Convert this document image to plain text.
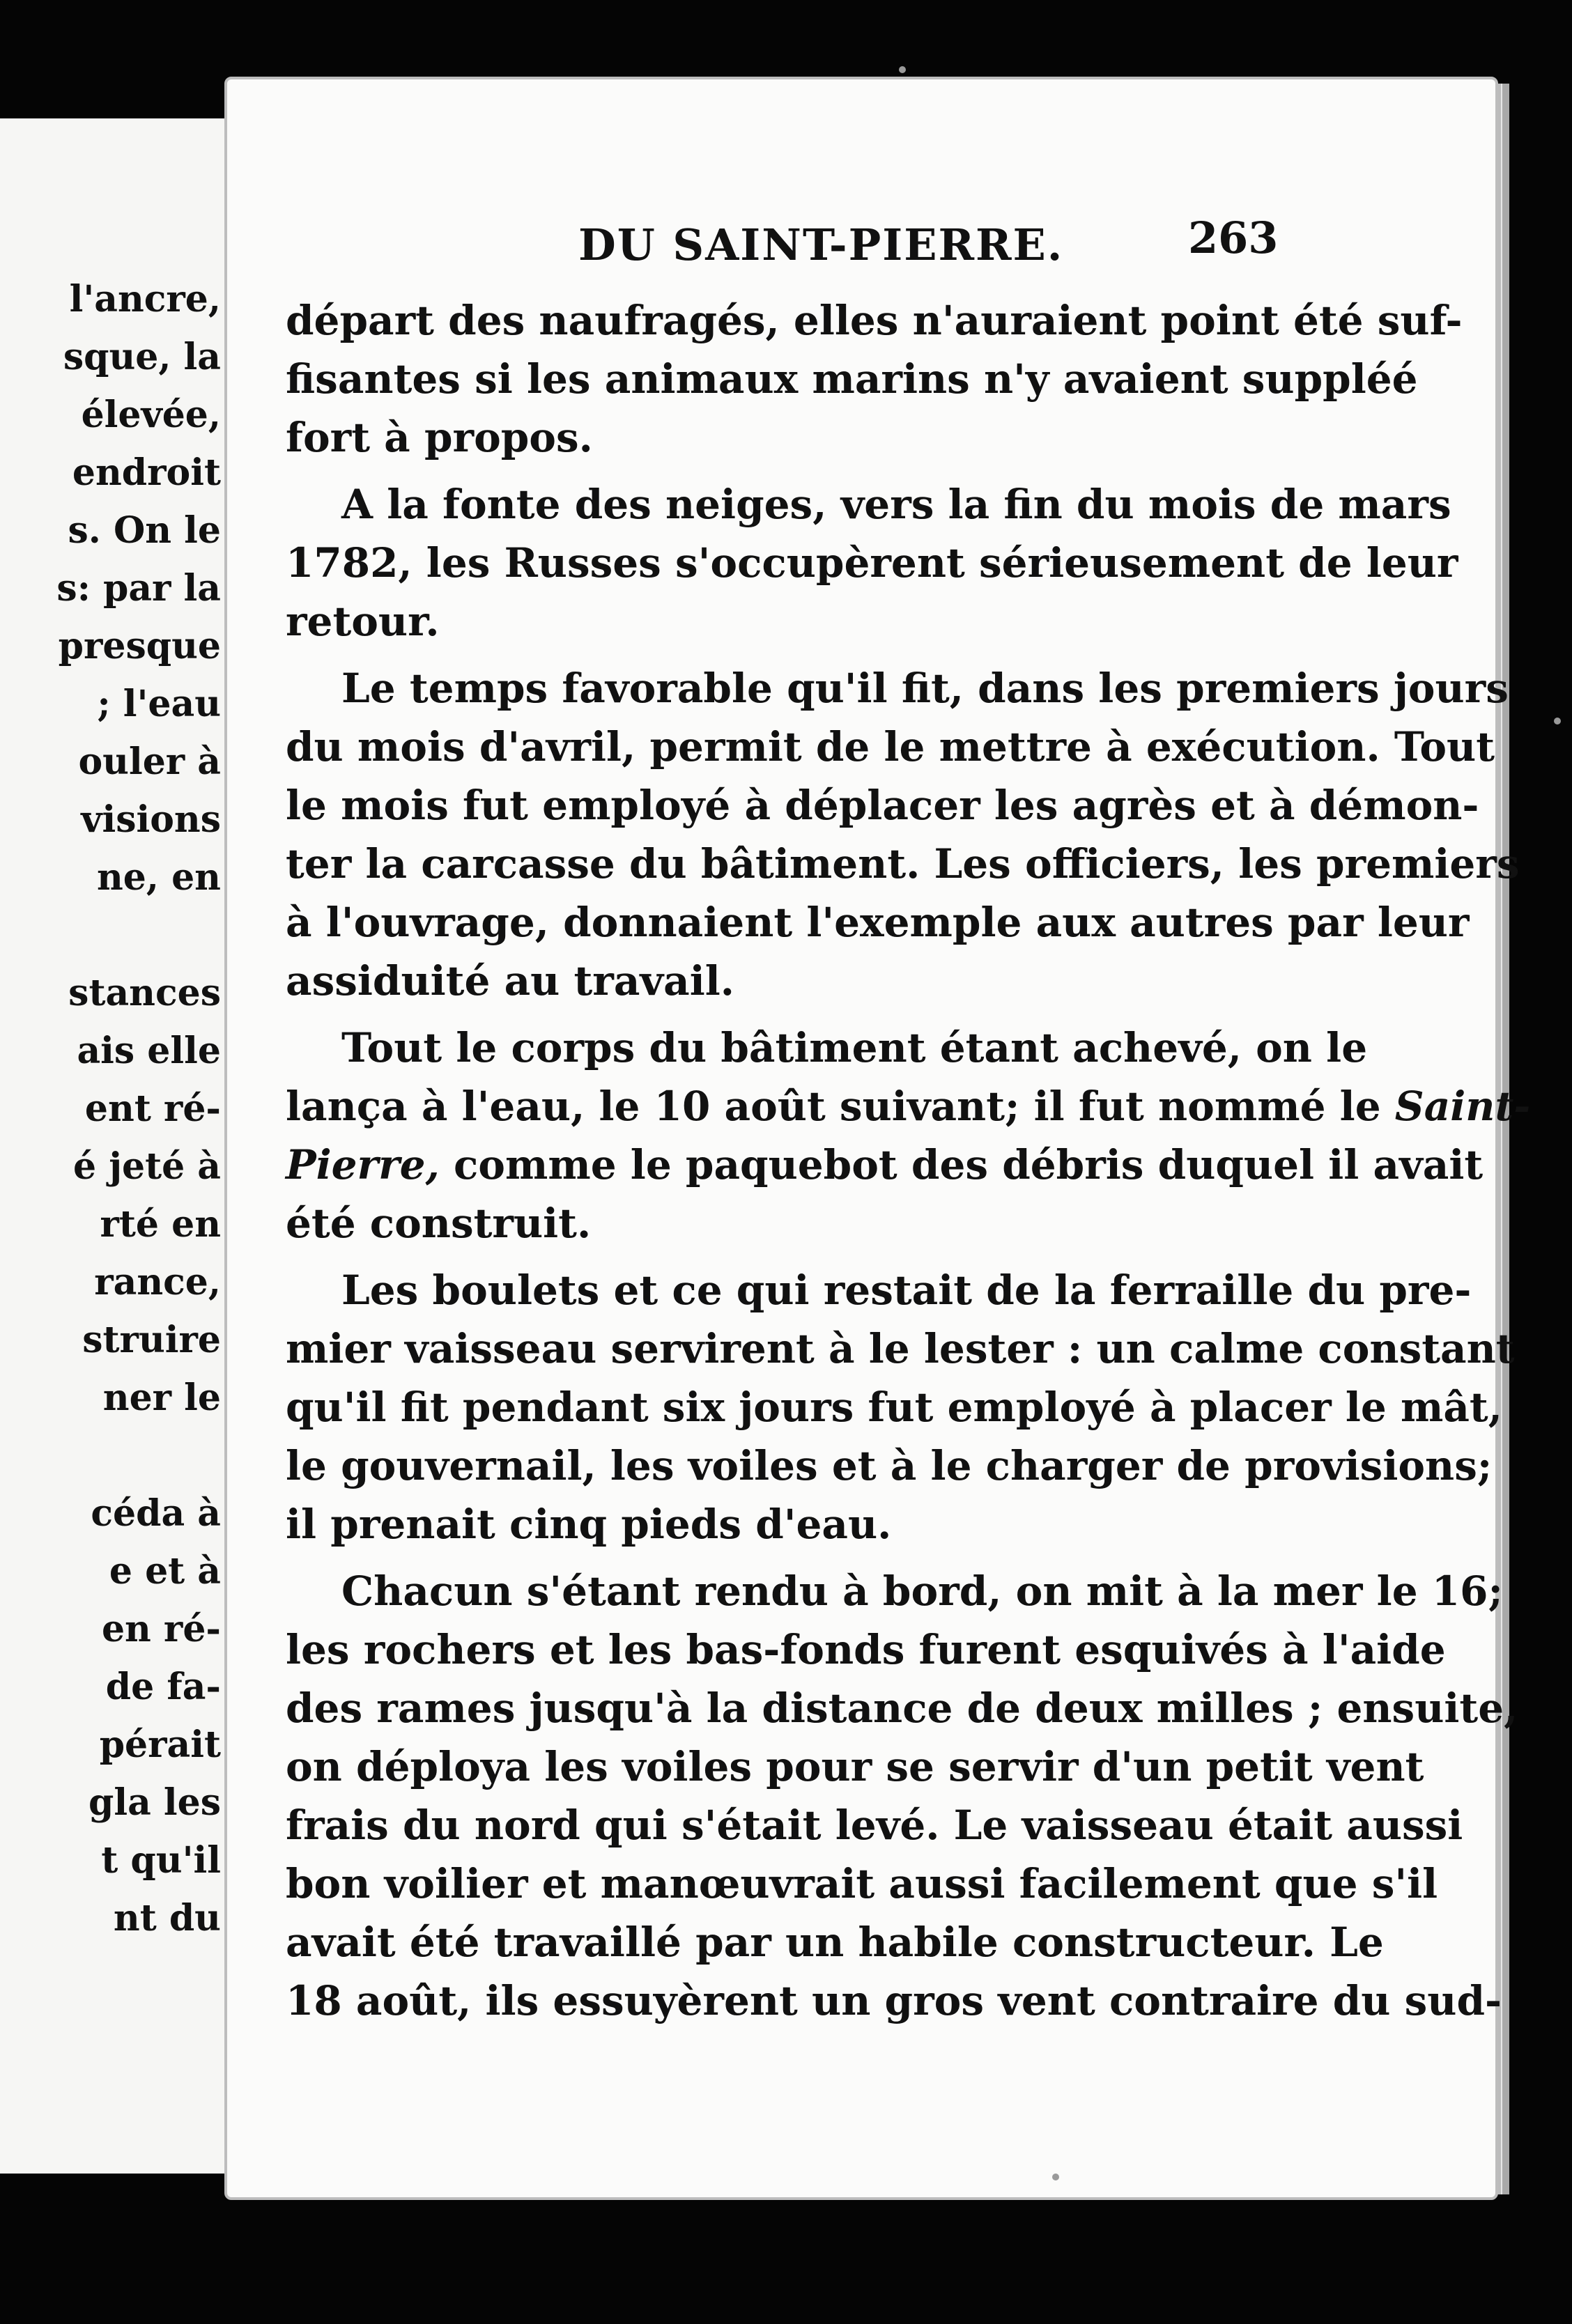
l'ancre,
sque, la
élevée,
endroit
s. On le
s: par la
presque
; l'eau
ouler à
visions
ne, en
stances
ais elle
ent ré-
é jeté à
rté en
rance,
struire
ner le
céda à
e et à
en ré-
de fa-
pérait
gla les
t qu'il
nt du
DU SAINT-PIERRE.	263
départ des naufragés, elles n'auraient point été suf-
fisantes si les animaux marins n'y avaient suppléé
fort à propos.
A la fonte des neiges, vers la fin du mois de mars
1782, les Russes s'occupèrent sérieusement de leur
retour.
Le temps favorable qu'il fit, dans les premiers jours
du mois d'avril, permit de le mettre à exécution. Tout
le mois fut employé à déplacer les agrès et à démon-
ter la carcasse du bâtiment. Les officiers, les premiers
à l'ouvrage, donnaient l'exemple aux autres par leur
assiduité au travail.
Tout le corps du bâtiment étant achevé, on le
lança à l'eau, le 10 août suivant; il fut nommé le Saint-
Pierre, comme le paquebot des débris duquel il avait
été construit.
Les boulets et ce qui restait de la ferraille du pre-
mier vaisseau servirent à le lester : un calme constant
qu'il fit pendant six jours fut employé à placer le mât,
le gouvernail, les voiles et à le charger de provisions;
il prenait cinq pieds d'eau.
Chacun s'étant rendu à bord, on mit à la mer le 16;
les rochers et les bas-fonds furent esquivés à l'aide
des rames jusqu'à la distance de deux milles ; ensuite,
on déploya les voiles pour se servir d'un petit vent
frais du nord qui s'était levé. Le vaisseau était aussi
bon voilier et manœuvrait aussi facilement que s'il
avait été travaillé par un habile constructeur. Le
18 août, ils essuyèrent un gros vent contraire du sud-
